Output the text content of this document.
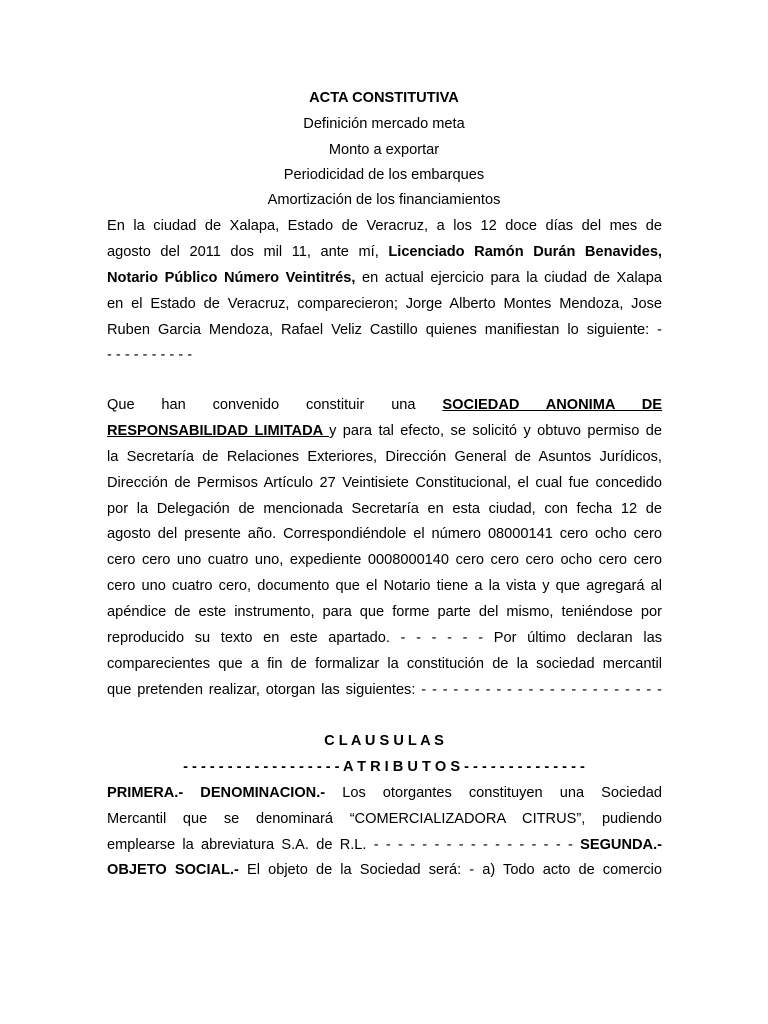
ACTA CONSTITUTIVA
Definición mercado meta
Monto a exportar
Periodicidad de los embarques
Amortización de los financiamientos
En la ciudad de Xalapa, Estado de Veracruz, a los 12 doce días del mes de
agosto del 2011 dos mil 11, ante mí, Licenciado Ramón Durán Benavides,
Notario Público Número Veintitrés, en actual ejercicio para la ciudad de Xalapa
en el Estado de Veracruz, comparecieron; Jorge Alberto Montes Mendoza, Jose
Ruben Garcia Mendoza, Rafael Veliz Castillo quienes manifiestan lo siguiente: -
- - - - - - - - - -
Que han convenido constituir una SOCIEDAD ANONIMA DE
RESPONSABILIDAD LIMITADA y para tal efecto, se solicitó y obtuvo permiso de
la Secretaría de Relaciones Exteriores, Dirección General de Asuntos Jurídicos,
Dirección de Permisos Artículo 27 Veintisiete Constitucional, el cual fue concedido
por la Delegación de mencionada Secretaría en esta ciudad, con fecha 12 de
agosto del presente año. Correspondiéndole el número 08000141 cero ocho cero
cero cero uno cuatro uno, expediente 0008000140 cero cero cero ocho cero cero
cero uno cuatro cero, documento que el Notario tiene a la vista y que agregará al
apéndice de este instrumento, para que forme parte del mismo, teniéndose por
reproducido su texto en este apartado. - - - - - - Por último declaran las
comparecientes que a fin de formalizar la constitución de la sociedad mercantil
que pretenden realizar, otorgan las siguientes: - - - - - - - - - - - - - - - - - - - - - - -
C L A U S U L A S
- - - - - - - - - - - - - - - - - - A T R I B U T O S - - - - - - - - - - - - - -
PRIMERA.- DENOMINACION.- Los otorgantes constituyen una Sociedad
Mercantil que se denominará “COMERCIALIZADORA CITRUS”, pudiendo
emplearse la abreviatura S.A. de R.L. - - - - - - - - - - - - - - - - - SEGUNDA.-
OBJETO SOCIAL.- El objeto de la Sociedad será: - a) Todo acto de comercio
